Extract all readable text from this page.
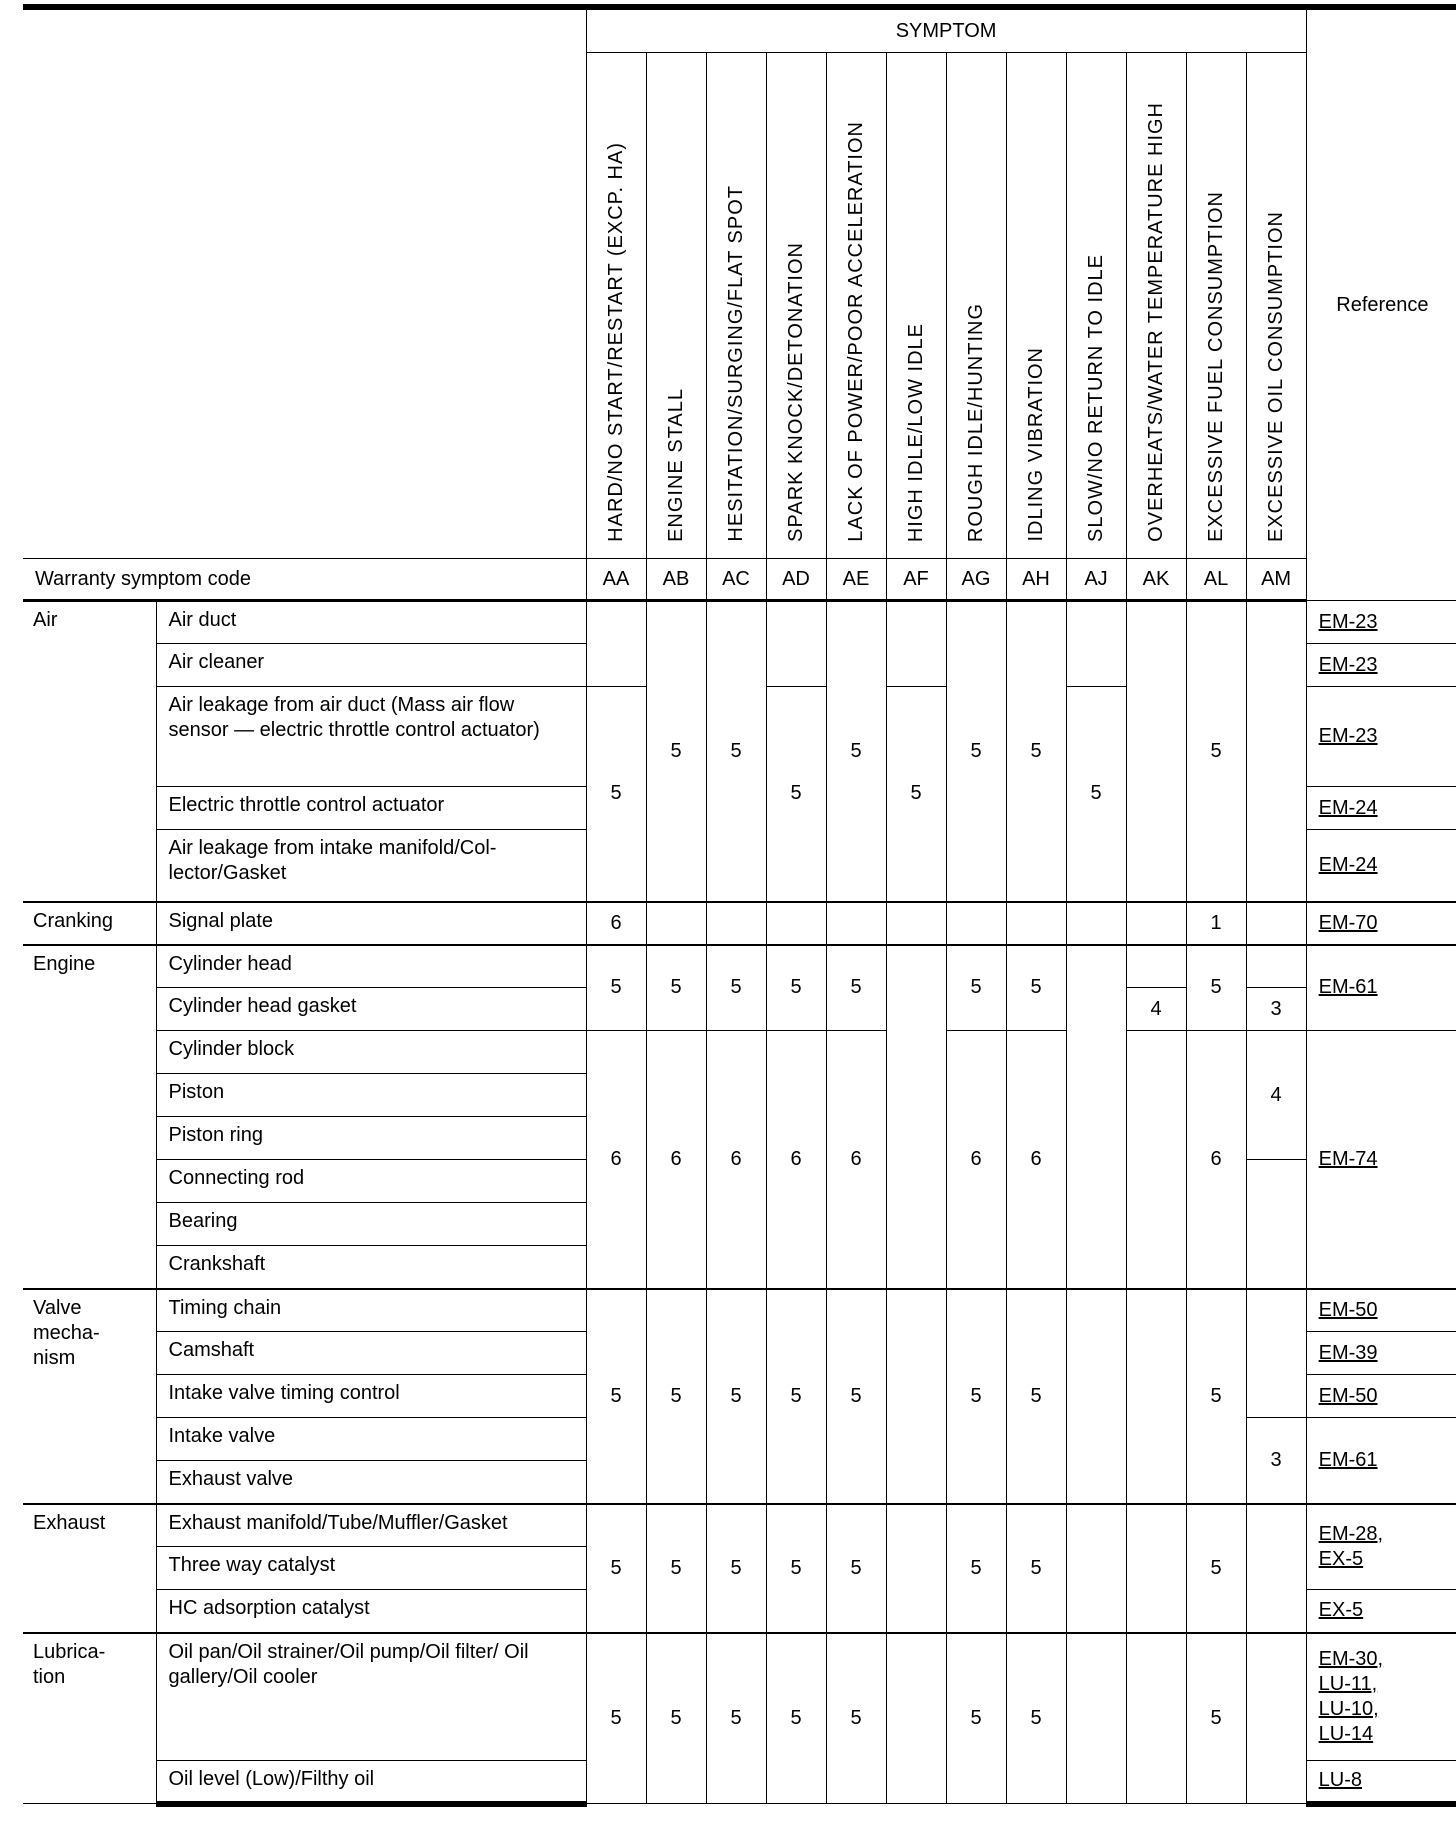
		SYMPTOM												Reference
		HARD/NO START/RESTART (EXCP. HA)	ENGINE STALL	HESITATION/SURGING/FLAT SPOT	SPARK KNOCK/DETONATION	LACK OF POWER/POOR ACCELERATION	HIGH IDLE/LOW IDLE	ROUGH IDLE/HUNTING	IDLING VIBRATION	SLOW/NO RETURN TO IDLE	OVERHEATS/WATER TEMPERATURE HIGH	EXCESSIVE FUEL CONSUMPTION	EXCESSIVE OIL CONSUMPTION	
Warranty symptom code		AA	AB	AC	AD	AE	AF	AG	AH	AJ	AK	AL	AM	

Air	Air duct		5	5		5		5	5			5		EM-23

	Air cleaner													EM-23

	Air leakage from air duct (Mass air flow sensor — electric throttle control actuator)	5			5		5			5				EM-23

	Electric throttle control actuator													EM-24

	Air leakage from intake manifold/Collector/Gasket													EM-24

Cranking	Signal plate	6										1		EM-70

Engine	Cylinder head	5	5	5	5	5		5	5			5		EM-61

	Cylinder head gasket										4		3	
	Cylinder block	6	6	6	6	6		6	6			6	4	EM-74

	Piston													
	Piston ring													
	Connecting rod													
	Bearing													
	Crankshaft													

Valve mechanism	Timing chain	5	5	5	5	5		5	5			5		EM-50

	Camshaft													EM-39

	Intake valve timing control													EM-50

	Intake valve												3	EM-61

	Exhaust valve													

Exhaust	Exhaust manifold/Tube/Muffler/Gasket	5	5	5	5	5		5	5			5		EM-28,
EX-5

	Three way catalyst													
	HC adsorption catalyst													EX-5

Lubrication	Oil pan/Oil strainer/Oil pump/Oil filter/ Oil gallery/Oil cooler	5	5	5	5	5		5	5			5		EM-30,
LU-11,
LU-10,
LU-14

	Oil level (Low)/Filthy oil													LU-8
